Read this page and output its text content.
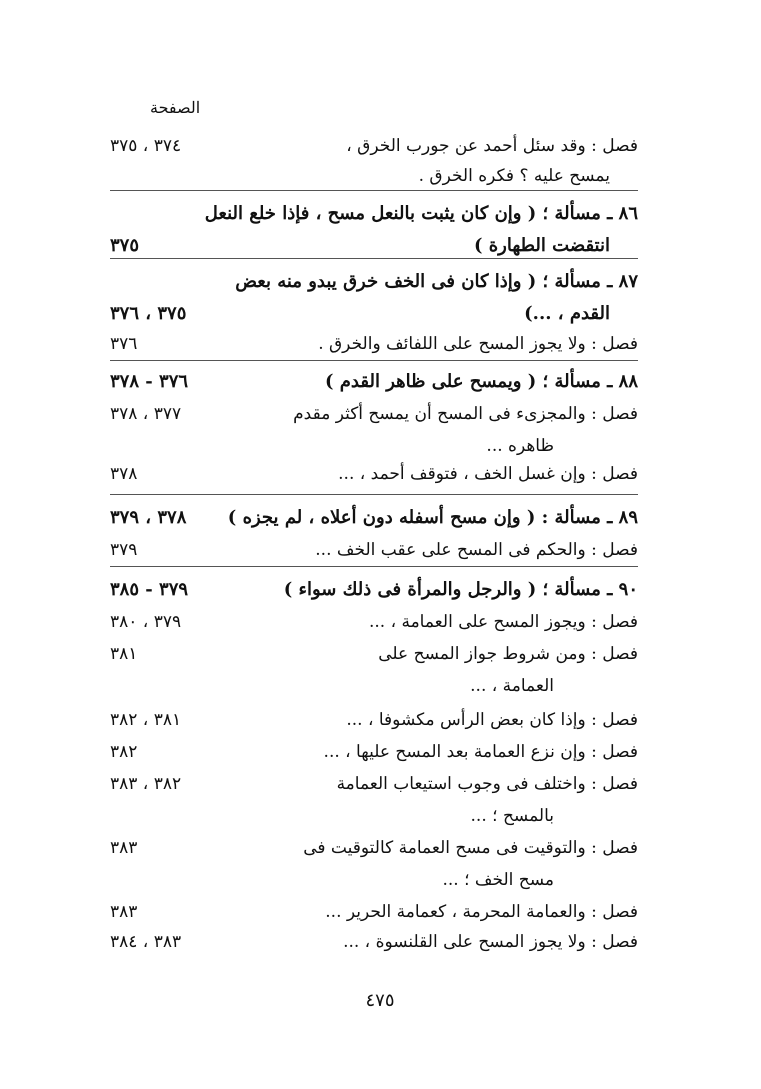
الصفحة
فصل : وقد سئل أحمد عن جورب الخرق ،
٣٧٤ ، ٣٧٥
يمسح عليه ؟ فكره الخرق .
٨٦ ـ مسألة ؛ ( وإن كان يثبت بالنعل مسح ، فإذا خلع النعل
انتقضت الطهارة )
٣٧٥
٨٧ ـ مسألة ؛ ( وإذا كان فى الخف خرق يبدو منه بعض
القدم ، ...)
٣٧٥ ، ٣٧٦
فصل : ولا يجوز المسح على اللفائف والخرق .
٣٧٦
٨٨ ـ مسألة ؛ ( ويمسح على ظاهر القدم )
٣٧٦ - ٣٧٨
فصل : والمجزىء فى المسح أن يمسح أكثر مقدم
٣٧٧ ، ٣٧٨
ظاهره ...
فصل : وإن غسل الخف ، فتوقف أحمد ، ...
٣٧٨
٨٩ ـ مسألة : ( وإن مسح أسفله دون أعلاه ، لم يجزه )
٣٧٨ ، ٣٧٩
فصل : والحكم فى المسح على عقب الخف ...
٣٧٩
٩٠ ـ مسألة ؛ ( والرجل والمرأة فى ذلك سواء )
٣٧٩ - ٣٨٥
فصل : ويجوز المسح على العمامة ، ...
٣٧٩ ، ٣٨٠
فصل : ومن شروط جواز المسح على
٣٨١
العمامة ، ...
فصل : وإذا كان بعض الرأس مكشوفا ، ...
٣٨١ ، ٣٨٢
فصل : وإن نزع العمامة بعد المسح عليها ، ...
٣٨٢
فصل : واختلف فى وجوب استيعاب العمامة
٣٨٢ ، ٣٨٣
بالمسح ؛ ...
فصل : والتوقيت فى مسح العمامة كالتوقيت فى
٣٨٣
مسح الخف ؛ ...
فصل : والعمامة المحرمة ، كعمامة الحرير ...
٣٨٣
فصل : ولا يجوز المسح على القلنسوة ، ...
٣٨٣ ، ٣٨٤
٤٧٥
